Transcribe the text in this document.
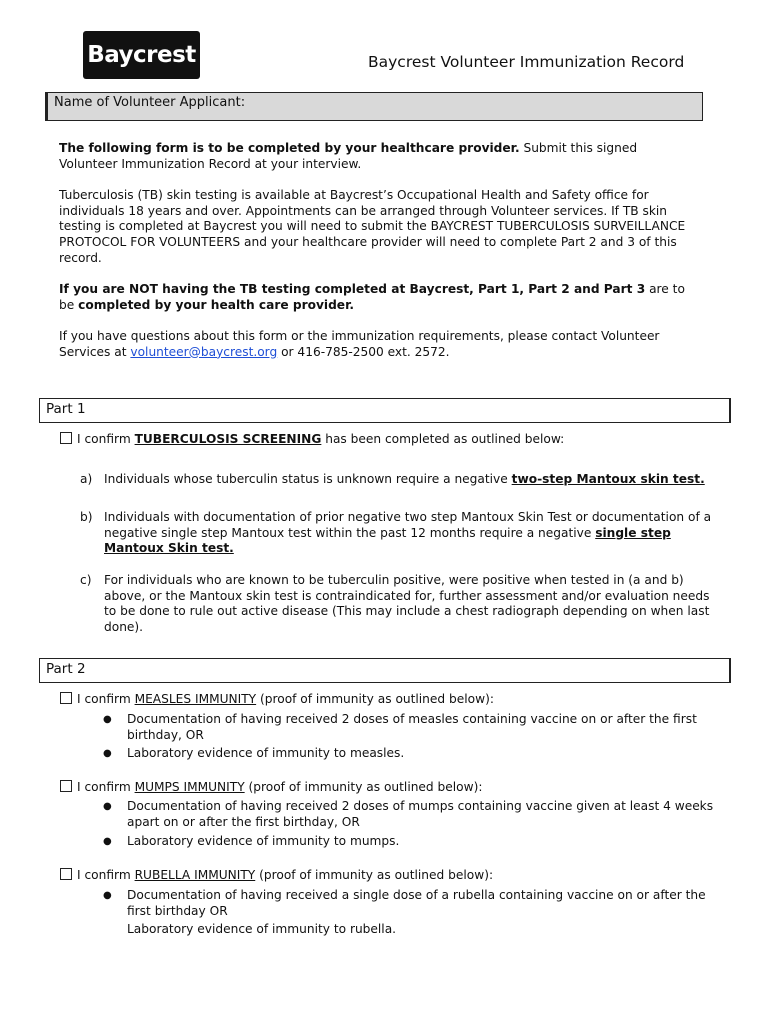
Baycrest	Baycrest Volunteer Immunization Record
Name of Volunteer Applicant:

The following form is to be completed by your healthcare provider. Submit this signed Volunteer Immunization Record at your interview.

Tuberculosis (TB) skin testing is available at Baycrest’s Occupational Health and Safety office for individuals 18 years and over. Appointments can be arranged through Volunteer services. If TB skin testing is completed at Baycrest you will need to submit the BAYCREST TUBERCULOSIS SURVEILLANCE PROTOCOL FOR VOLUNTEERS and your healthcare provider will need to complete Part 2 and 3 of this record.

If you are NOT having the TB testing completed at Baycrest, Part 1, Part 2 and Part 3 are to be completed by your health care provider.

If you have questions about this form or the immunization requirements, please contact Volunteer Services at volunteer@baycrest.org or 416-785-2500 ext. 2572.

Part 1
I confirm TUBERCULOSIS SCREENING has been completed as outlined below:
a) Individuals whose tuberculin status is unknown require a negative two-step Mantoux skin test.
b) Individuals with documentation of prior negative two step Mantoux Skin Test or documentation of a negative single step Mantoux test within the past 12 months require a negative single step Mantoux Skin test.
c)	For individuals who are known to be tuberculin positive, were positive when tested in (a and b) above, or the Mantoux skin test is contraindicated for, further assessment and/or evaluation needs to be done to rule out active disease (This may include a chest radiograph depending on when last done).
Part 2
I confirm MEASLES IMMUNITY (proof of immunity as outlined below):
●	Documentation of having received 2 doses of measles containing vaccine on or after the first birthday, OR
●	Laboratory evidence of immunity to measles.
I confirm MUMPS IMMUNITY (proof of immunity as outlined below):
●	Documentation of having received 2 doses of mumps containing vaccine given at least 4 weeks apart on or after the first birthday, OR
●	Laboratory evidence of immunity to mumps.
I confirm RUBELLA IMMUNITY (proof of immunity as outlined below):
●	Documentation of having received a single dose of a rubella containing vaccine on or after the first birthday OR
Laboratory evidence of immunity to rubella.
